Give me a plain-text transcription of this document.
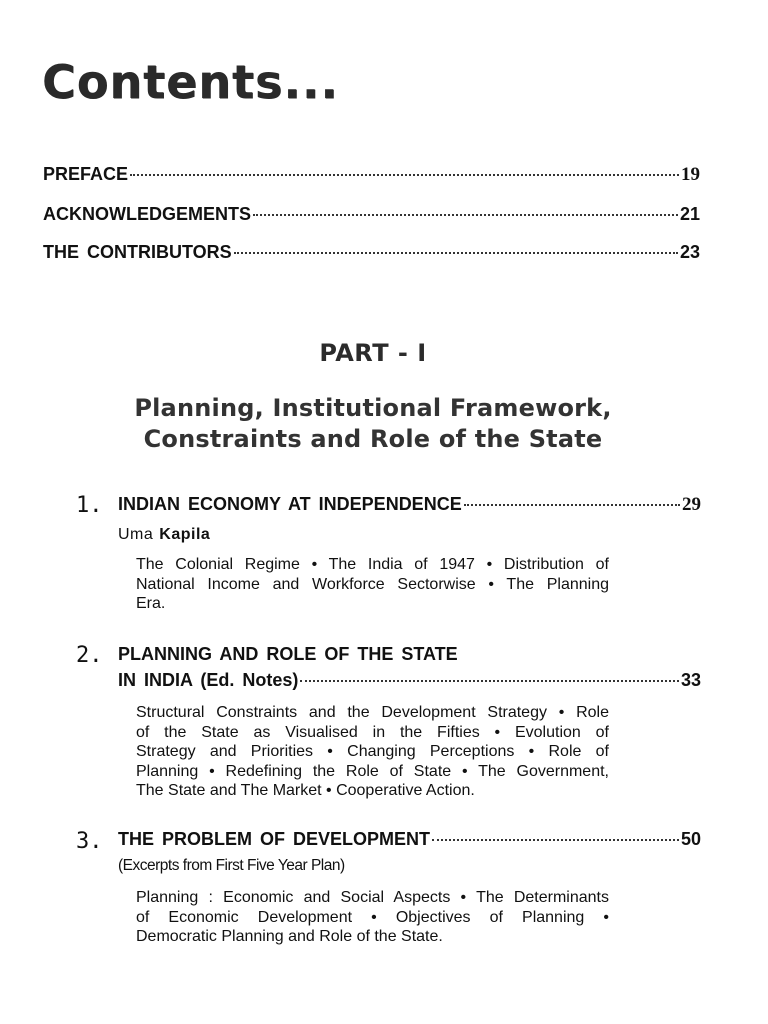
Contents...
PREFACE	19
ACKNOWLEDGEMENTS	21
THE CONTRIBUTORS	23
PART - I

Planning, Institutional Framework,

Constraints and Role of the State

1. INDIAN ECONOMY AT INDEPENDENCE	29
Uma Kapila

The Colonial Regime • The India of 1947 • Distribution of
National Income and Workforce Sectorwise • The Planning
Era.

2. PLANNING AND ROLE OF THE STATE
IN INDIA (Ed. Notes)	33

Structural Constraints and the Development Strategy • Role
of the State as Visualised in the Fifties • Evolution of
Strategy and Priorities • Changing Perceptions • Role of
Planning • Redefining the Role of State • The Government,
The State and The Market • Cooperative Action.

3. THE PROBLEM OF DEVELOPMENT	50
(Excerpts from First Five Year Plan)

Planning : Economic and Social Aspects • The Determinants
of Economic Development • Objectives of Planning •
Democratic Planning and Role of the State.
